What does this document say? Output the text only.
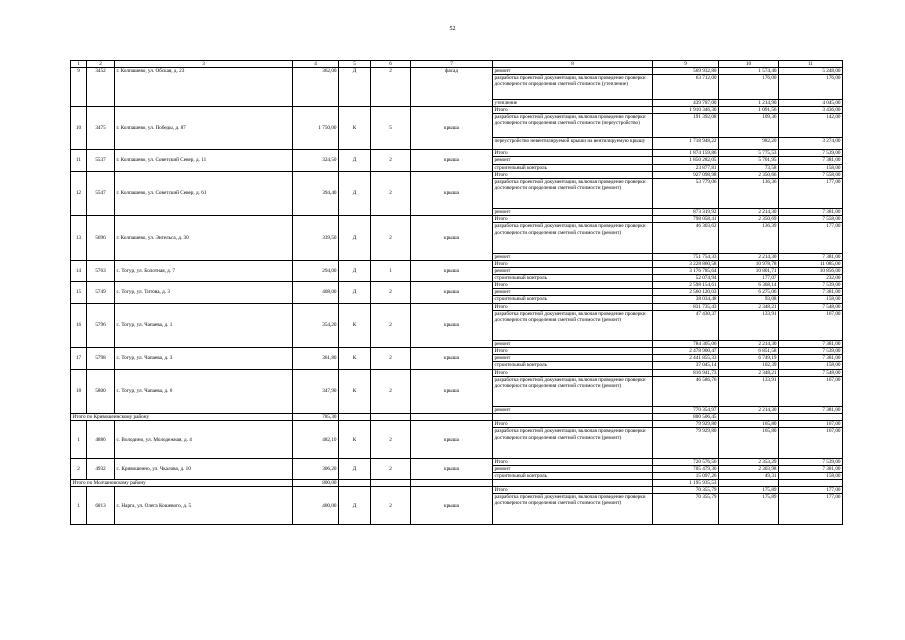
52
1	2	3	4	5	6	7	8	9	10	11
9	3452	г. Колпашево, ул. Обская, д. 23	362,00	Д	2	фасад	ремонт	569 932,80	1 574,40	5 248,00
							разработка проектной документации, включая проведение проверки достоверности определения сметной стоимости (утепление)	63 712,00	176,00	176,00
							утепление	439 787,00	1 214,90	4 045,00
10	3475	г. Колпашево, ул. Победы, д. 87	1 750,00	К	5	крыша	Итого	1 910 346,30	1 091,56	3 436,00
							разработка проектной документации, включая проведение проверки достоверности определения сметной стоимости (переустройство)	191 392,08	109,36	142,00
							переустройство невентилируемой крыши на вентилируемую крышу	1 718 948,22	982,20	3 274,00
11	5537	г. Колпашево, ул. Советский Север, д. 11	324,50	Д	2	крыша	Итого	1 874 159,86	5 775,53	7 539,00
							ремонт	1 850 282,05	5 701,95	7 381,00
							строительный контроль	23 877,81	73,58	158,00
12	5547	г. Колпашево, ул. Советский Север, д. 61	394,40	Д	2	крыша	Итого	927 098,98	2 350,66	7 558,00
							разработка проектной документации, включая проведение проверки достоверности определения сметной стоимости (ремонт)	53 779,06	136,36	177,00
							ремонт	873 319,92	2 214,30	7 381,00
13	5696	г. Колпашево, ул. Энгельса, д. 30	339,50	Д	2	крыша	Итого	798 058,41	2 350,69	7 558,00
							разработка проектной документации, включая проведение проверки достоверности определения сметной стоимости (ремонт)	46 303,62	136,39	177,00
							ремонт	751 754,33	2 214,30	7 381,00
14	5763	с. Тогур, ул. Болотная, д. 7	294,00	Д	1	крыша	Итого	3 228 860,58	10 978,78	11 085,00
							ремонт	3 176 785,64	10 801,71	10 856,00
							строительный контроль	52 074,94	177,07	232,00
15	5749	с. Тогур, ул. Титова, д. 3	408,00	Д	2	крыша	Итого	2 598 154,61	6 368,14	7 539,00
							ремонт	2 560 120,03	6 275,06	7 381,00
							строительный контроль	38 034,48	93,08	158,00
16	5796	с. Тогур, ул. Чапаева, д. 1	354,20	К	2	крыша	Итого	831 735,43	2 348,21	7 548,00
							разработка проектной документации, включая проведение проверки достоверности определения сметной стоимости (ремонт)	47 430,37	133,91	167,00
							ремонт	784 305,06	2 214,30	7 381,00
17	5798	с. Тогур, ул. Чапаева, д. 3	361,80	К	2	крыша	Итого	2 478 900,47	6 851,58	7 539,00
							ремонт	2 441 855,33	6 749,19	7 381,00
							строительный контроль	37 045,14	102,39	158,00
18	5800	с. Тогур, ул. Чапаева, д. 6	347,90	К	2	крыша	Итого	816 941,73	2 348,21	7 548,00
							разработка проектной документации, включая проведение проверки достоверности определения сметной стоимости (ремонт)	46 586,76	133,91	167,00
							ремонт	770 354,97	2 214,30	7 381,00
Итого по Кривошеинскому району			785,30					800 506,45		
1	4886	с. Володино, ул. Молодежная, д. 4	482,10	К	2	крыша	Итого	79 929,80	165,80	167,00
							разработка проектной документации, включая проведение проверки достоверности определения сметной стоимости (ремонт)	79 929,80	165,80	167,00
2	4932	с. Кривошеино, ул. Чкалова, д. 10	306,20	Д	2	крыша	Итого	720 576,56	2 353,29	7 539,00
							ремонт	705 479,30	2 303,98	7 381,00
							строительный контроль	15 097,26	49,31	158,00
Итого по Молчановскому району			800,00					1 195 935,53		
1	6813	с. Нарга, ул. Олега Кошевого, д. 5	400,00	Д	2	крыша	Итого	70 355,79	175,89	177,00
							разработка проектной документации, включая проведение проверки достоверности определения сметной стоимости (ремонт)	70 355,79	175,89	177,00
